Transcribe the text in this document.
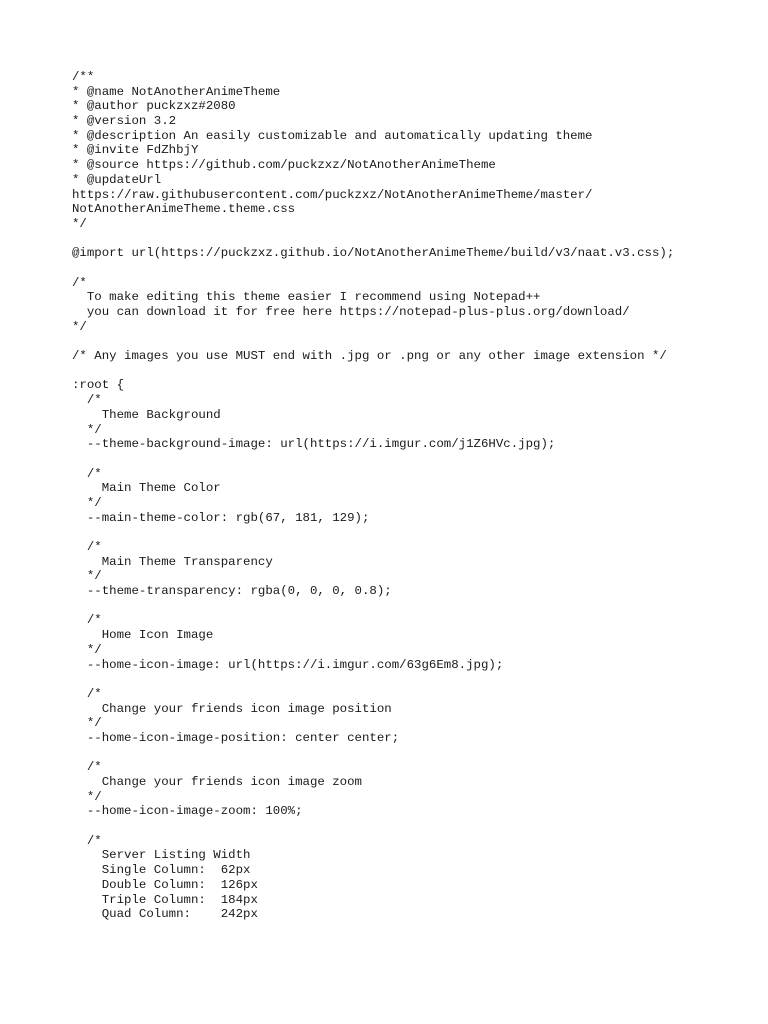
/**
* @name NotAnotherAnimeTheme
* @author puckzxz#2080
* @version 3.2
* @description An easily customizable and automatically updating theme
* @invite FdZhbjY
* @source https://github.com/puckzxz/NotAnotherAnimeTheme
* @updateUrl
https://raw.githubusercontent.com/puckzxz/NotAnotherAnimeTheme/master/
NotAnotherAnimeTheme.theme.css
*/
@import url(https://puckzxz.github.io/NotAnotherAnimeTheme/build/v3/naat.v3.css);
/*
To make editing this theme easier I recommend using Notepad++
you can download it for free here https://notepad-plus-plus.org/download/
*/
/* Any images you use MUST end with .jpg or .png or any other image extension */
:root {
/*
Theme Background
*/
--theme-background-image: url(https://i.imgur.com/j1Z6HVc.jpg);
/*
Main Theme Color
*/
--main-theme-color: rgb(67, 181, 129);
/*
Main Theme Transparency
*/
--theme-transparency: rgba(0, 0, 0, 0.8);
/*
Home Icon Image
*/
--home-icon-image: url(https://i.imgur.com/63g6Em8.jpg);
/*
Change your friends icon image position
*/
--home-icon-image-position: center center;
/*
Change your friends icon image zoom
*/
--home-icon-image-zoom: 100%;
/*
Server Listing Width
Single Column:  62px
Double Column:  126px
Triple Column:  184px
Quad Column:    242px
